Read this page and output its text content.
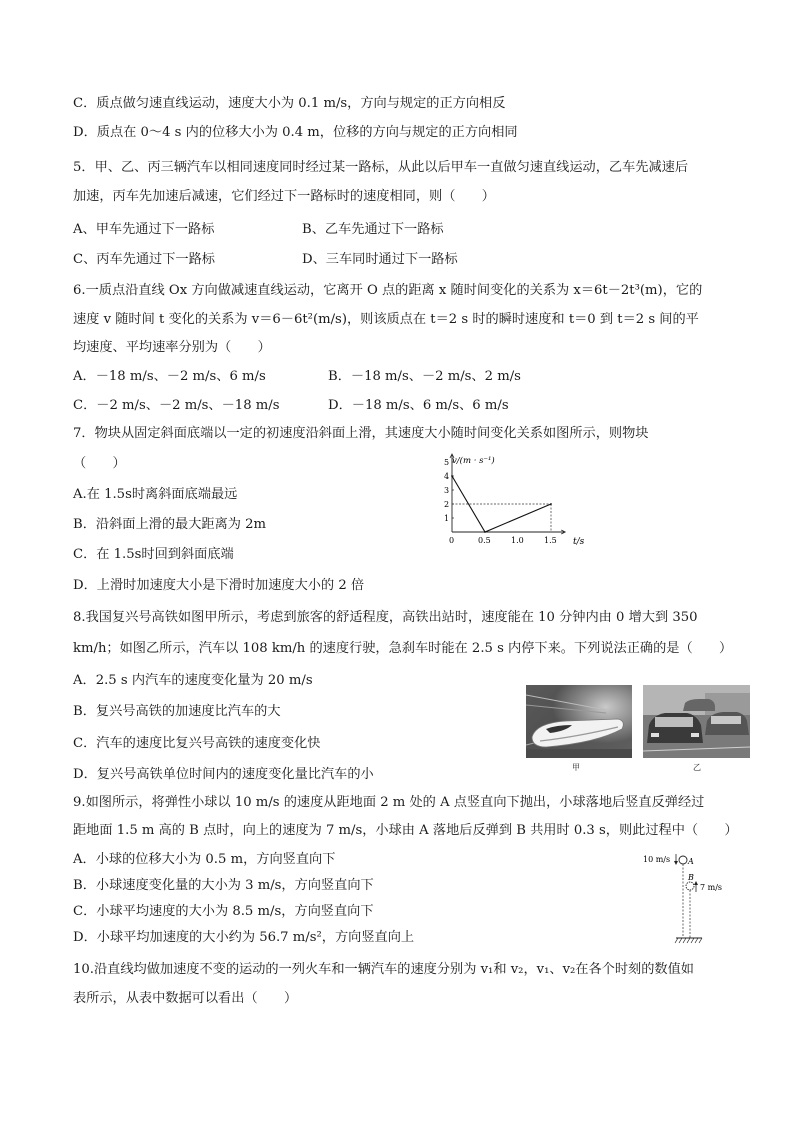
C．质点做匀速直线运动，速度大小为 0.1 m/s，方向与规定的正方向相反
D．质点在 0～4 s 内的位移大小为 0.4 m，位移的方向与规定的正方向相同
5．甲、乙、丙三辆汽车以相同速度同时经过某一路标，从此以后甲车一直做匀速直线运动，乙车先减速后
加速，丙车先加速后减速，它们经过下一路标时的速度相同，则（　　）
A、甲车先通过下一路标	B、乙车先通过下一路标
C、丙车先通过下一路标	D、三车同时通过下一路标
6.一质点沿直线 Ox 方向做减速直线运动，它离开 O 点的距离 x 随时间变化的关系为 x＝6t－2t³(m)，它的
速度 v 随时间 t 变化的关系为 v＝6－6t²(m/s)，则该质点在 t＝2 s 时的瞬时速度和 t＝0 到 t＝2 s 间的平
均速度、平均速率分别为（　　）
A．－18 m/s、－2 m/s、6 m/s	B．－18 m/s、－2 m/s、2 m/s
C．－2 m/s、－2 m/s、－18 m/s	D．－18 m/s、6 m/s、6 m/s
7．物块从固定斜面底端以一定的初速度沿斜面上滑，其速度大小随时间变化关系如图所示，则物块
（　　）
A.在 1.5s时离斜面底端最远
B．沿斜面上滑的最大距离为 2m
C．在 1.5s时回到斜面底端
D．上滑时加速度大小是下滑时加速度大小的 2 倍
v/(m · s⁻¹)
t/s
5
4
3
2
1
0	0.5	1.0	1.5
8.我国复兴号高铁如图甲所示，考虑到旅客的舒适程度，高铁出站时，速度能在 10 分钟内由 0 增大到 350
km/h；如图乙所示，汽车以 108 km/h 的速度行驶，急刹车时能在 2.5 s 内停下来。下列说法正确的是（　　）
A．2.5 s 内汽车的速度变化量为 20 m/s
B．复兴号高铁的加速度比汽车的大
C．汽车的速度比复兴号高铁的速度变化快
D．复兴号高铁单位时间内的速度变化量比汽车的小	甲	乙
9.如图所示，将弹性小球以 10 m/s 的速度从距地面 2 m 处的 A 点竖直向下抛出，小球落地后竖直反弹经过
距地面 1.5 m 高的 B 点时，向上的速度为 7 m/s，小球由 A 落地后反弹到 B 共用时 0.3 s，则此过程中（　　）
A．小球的位移大小为 0.5 m，方向竖直向下
B．小球速度变化量的大小为 3 m/s，方向竖直向下
C．小球平均速度的大小为 8.5 m/s，方向竖直向下
D．小球平均加速度的大小约为 56.7 m/s²，方向竖直向上
10 m/s A
B
7 m/s
10.沿直线均做加速度不变的运动的一列火车和一辆汽车的速度分别为 v₁和 v₂，v₁、v₂在各个时刻的数值如
表所示，从表中数据可以看出（　　）
